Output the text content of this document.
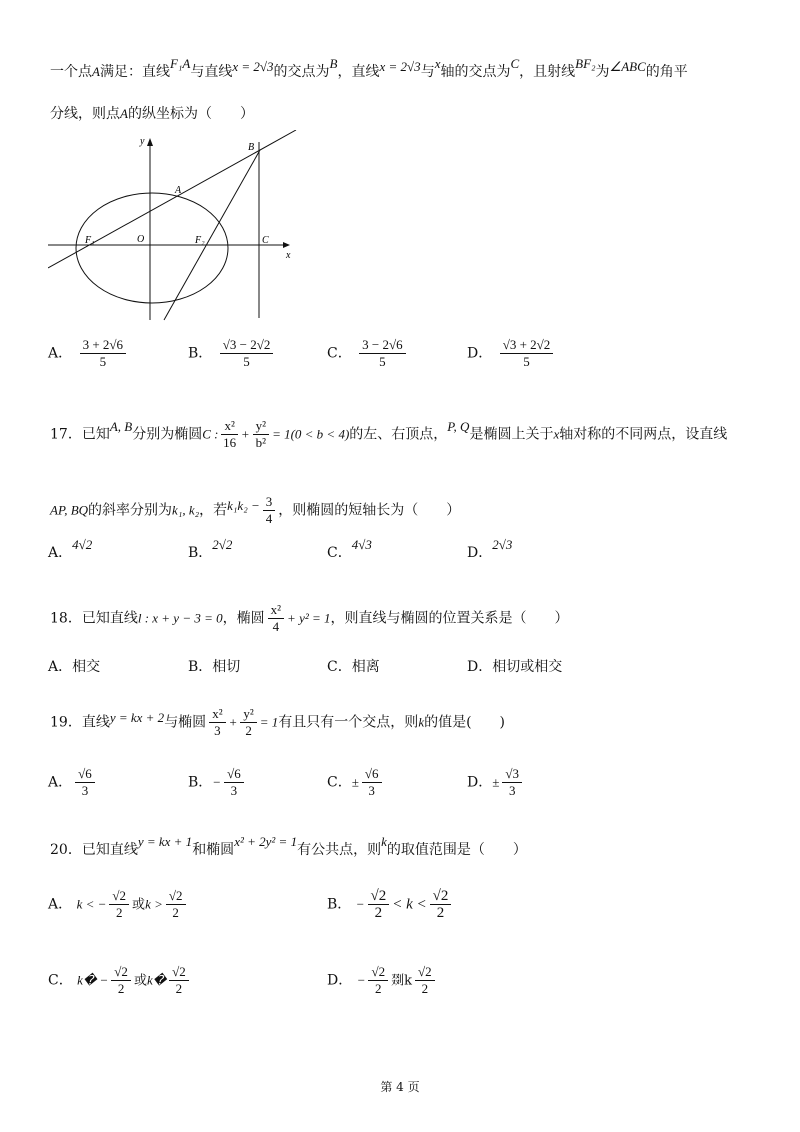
一个点A满足：直线F₁A与直线x = 2√3的交点为B，直线x = 2√3与x轴的交点为C，且射线BF₂为∠ABC的角平
分线，则点A的纵坐标为（　　）
y
x
O
F₁	F₂
A
B
C
A． $\frac{3 + 2√6}{5}$	B． $\frac{√3 - 2√2}{5}$	C． $\frac{3 - 2√6}{5}$	D． $\frac{√3 + 2√2}{5}$
17．已知A, B分别为椭圆C : $\frac{\text{x²}}{16} + \frac{\text{y²}}{\text{b²}} = 1(0 < b < 4)$的左、右顶点，P, Q是椭圆上关于x轴对称的不同两点，设直线
AP, BQ的斜率分别为k₁, k₂，若$k_1k_2 - \frac{3}{4}$ ，则椭圆的短轴长为（　　）
A．4√2
B．2√2
C．4√3
D．2√3
18．已知直线l : x + y − 3 = 0，椭圆 $\frac{\text{x²}}{4} + y^2 = 1$，则直线与椭圆的位置关系是（　　）
A．相交	B．相切	C．相离	D．相切或相交
19．直线y = kx + 2与椭圆 $\frac{\text{x²}}{3} + \frac{\text{y²}}{2} = 1$有且只有一个交点，则k的值是(　　)
A． $\frac{√6}{3}$	B．− $\frac{√6}{3}$	C．± $\frac{√6}{3}$	D．± $\frac{√3}{3}$
20．已知直线y = kx + 1和椭圆x² + 2y² = 1有公共点，则k的取值范围是（　　）
A． k < − $\frac{√2}{2}$ 或$k > \frac{√2}{2}$	B． − $\frac{√2}{2} < k < \frac{√2}{2}$
C． k� − $\frac{√2}{2}$ 或k� $\frac{√2}{2}$	D． − $\frac{√2}{2}$ 剟k $\frac{√2}{2}$
第 4 页
